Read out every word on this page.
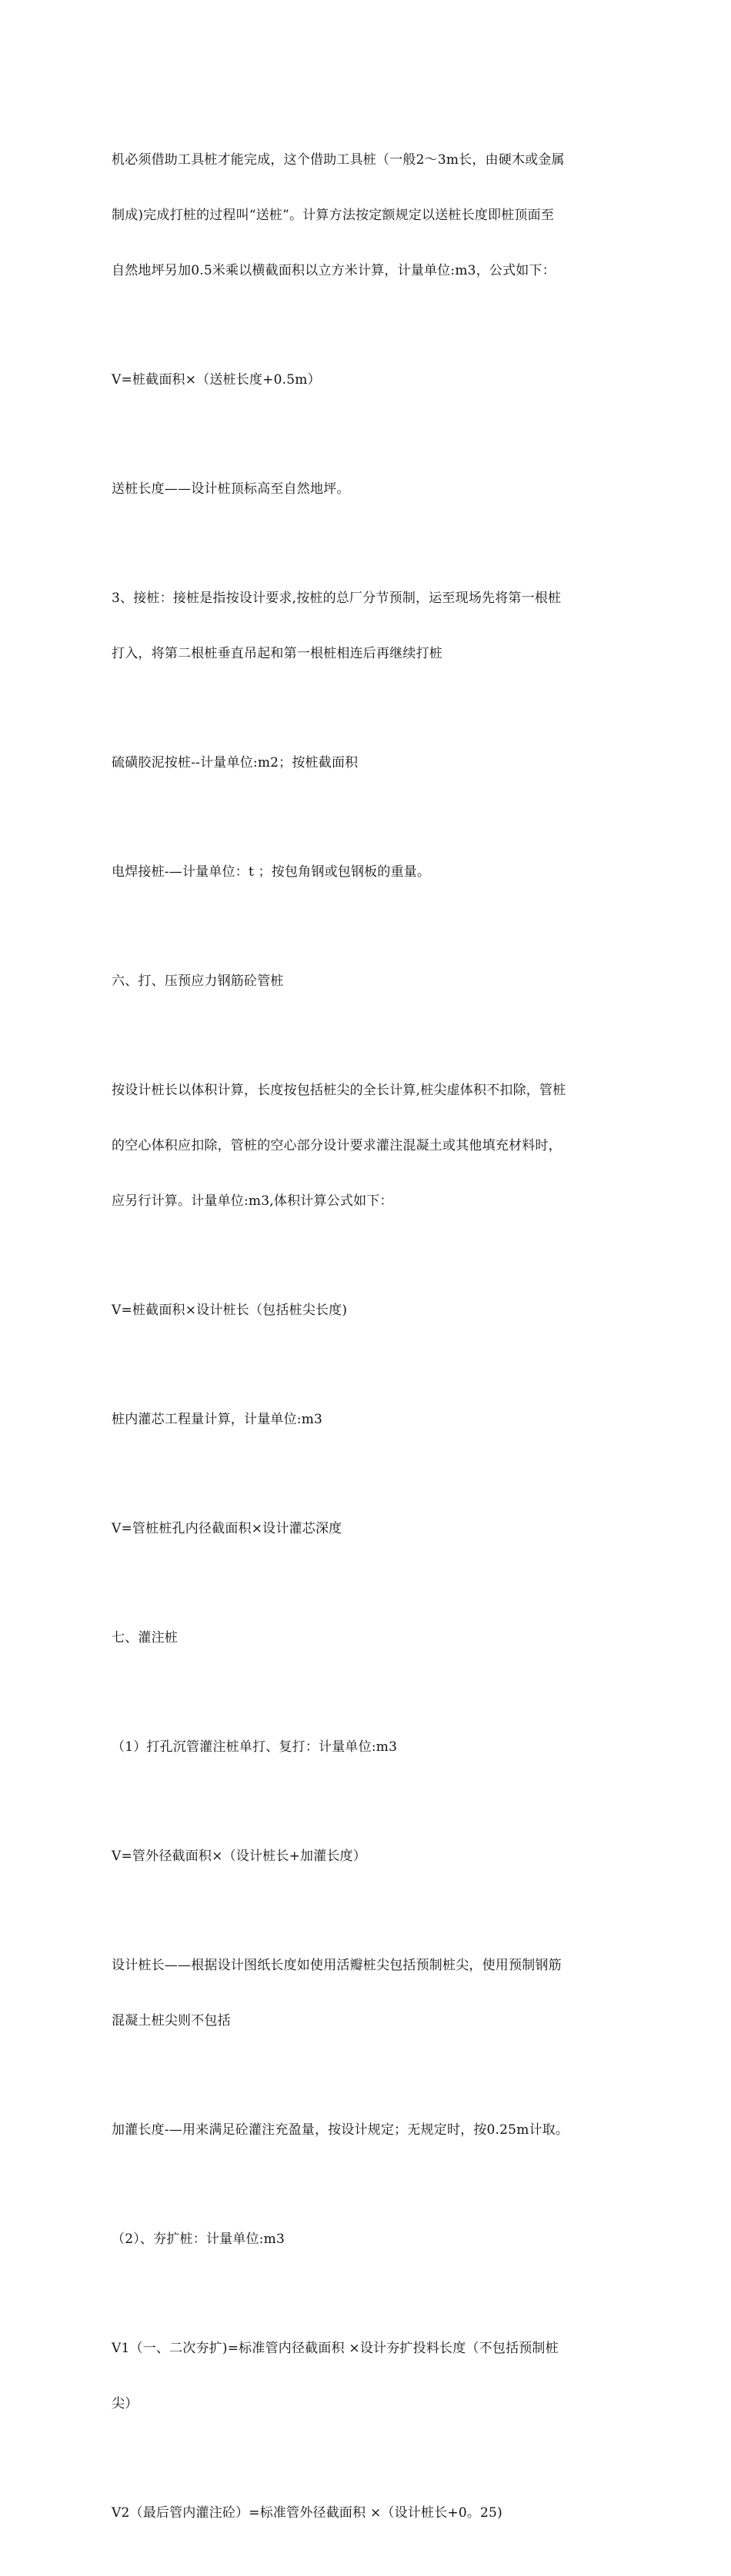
机必须借助工具桩才能完成，这个借助工具桩（一般2～3m长，由硬木或金属

制成)完成打桩的过程叫“送桩”。计算方法按定额规定以送桩长度即桩顶面至

自然地坪另加0.5米乘以横截面积以立方米计算，计量单位:m3，公式如下：

V=桩截面积×（送桩长度+0.5m）

送桩长度——设计桩顶标高至自然地坪。

3、接桩：接桩是指按设计要求,按桩的总厂分节预制，运至现场先将第一根桩

打入，将第二根桩垂直吊起和第一根桩相连后再继续打桩

硫磺胶泥按桩--计量单位:m2；按桩截面积

电焊接桩-—计量单位：t ；按包角钢或包钢板的重量。

六、打、压预应力钢筋砼管桩

按设计桩长以体积计算，长度按包括桩尖的全长计算,桩尖虚体积不扣除，管桩

的空心体积应扣除，管桩的空心部分设计要求灌注混凝土或其他填充材料时，

应另行计算。计量单位:m3,体积计算公式如下：

V=桩截面积×设计桩长（包括桩尖长度)

桩内灌芯工程量计算，计量单位:m3

V=管桩桩孔内径截面积×设计灌芯深度

七、灌注桩

（1）打孔沉管灌注桩单打、复打：计量单位:m3

V=管外径截面积×（设计桩长+加灌长度）

设计桩长——根据设计图纸长度如使用活瓣桩尖包括预制桩尖，使用预制钢筋

混凝土桩尖则不包括

加灌长度-—用来满足砼灌注充盈量，按设计规定；无规定时，按0.25m计取。

（2）、夯扩桩：计量单位:m3

V1（一、二次夯扩)=标准管内径截面积 ×设计夯扩投料长度（不包括预制桩

尖）

V2（最后管内灌注砼）=标准管外径截面积 ×（设计桩长+0。25)
